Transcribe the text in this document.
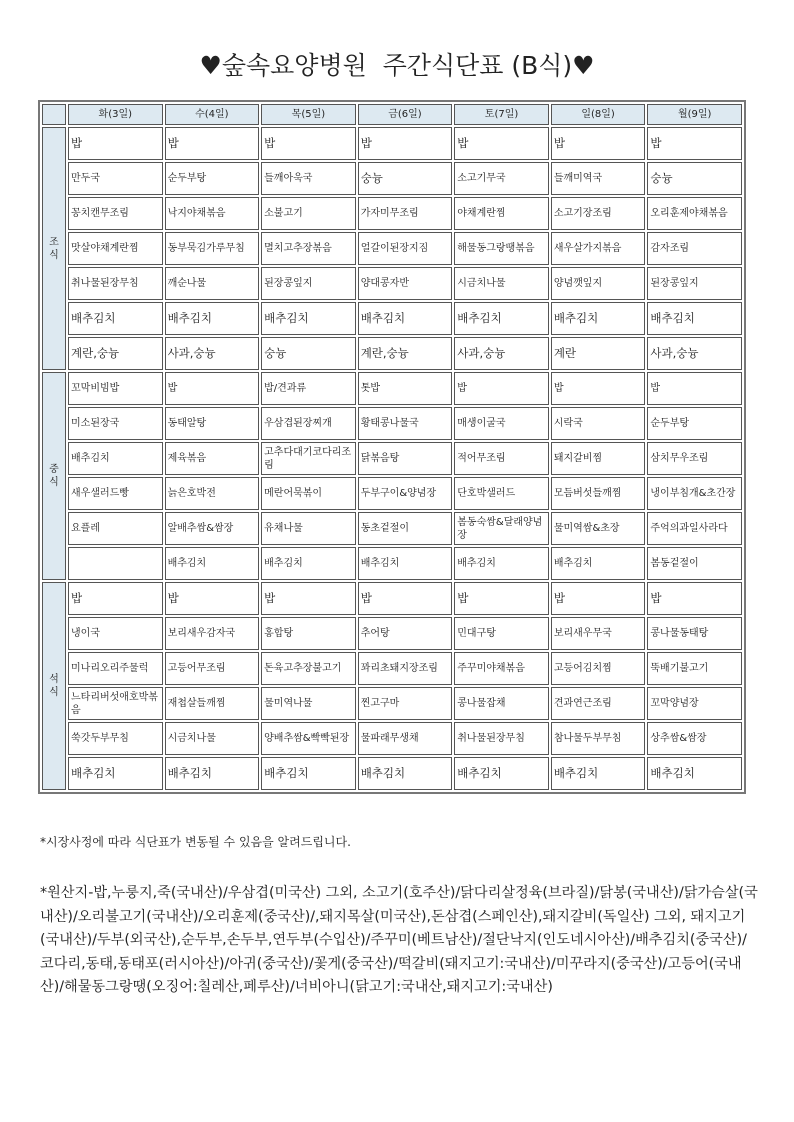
♥숲속요양병원  주간식단표 (B식)♥
	화(3일)	수(4일)	목(5일)	금(6일)	토(7일)	일(8일)	월(9일)
조
식	밥	밥	밥	밥	밥	밥	밥
	만두국	순두부탕	들깨아욱국	숭늉	소고기무국	들깨미역국	숭늉
	꽁치캔무조림	낙지야채볶음	소불고기	가자미무조림	야채계란찜	소고기장조림	오리훈제야채볶음
	맛살야채계란찜	동부묵김가루무침	멸치고추장볶음	얼갈이된장지짐	해물동그랑땡볶음	새우살가지볶음	감자조림
	취나물된장무침	깨순나물	된장콩잎지	양대콩자반	시금치나물	양념깻잎지	된장콩잎지
	배추김치	배추김치	배추김치	배추김치	배추김치	배추김치	배추김치
	계란,숭늉	사과,숭늉	숭늉	계란,숭늉	사과,숭늉	계란	사과,숭늉
중
식	꼬막비빔밥	밥	밥/견과류	톳밥	밥	밥	밥
	미소된장국	동태알탕	우삼겹된장찌개	황태콩나물국	매생이굴국	시락국	순두부탕
	배추김치	제육볶음	고추다대기코다리조림	닭볶음탕	적어무조림	돼지갈비찜	삼치무우조림
	새우샐러드빵	늙은호박전	메란어묵볶이	두부구이&양념장	단호박샐러드	모듬버섯들깨찜	냉이부침개&초간장
	요플레	알배추쌈&쌈장	유채나물	동초겉절이	봄동숙쌈&달래양념장	물미역쌈&초장	주억의과일사라다
		배추김치	배추김치	배추김치	배추김치	배추김치	봄동겉절이
석
식	밥	밥	밥	밥	밥	밥	밥
	냉이국	보리새우감자국	홍합탕	추어탕	민대구탕	보리새우무국	콩나물동태탕
	미나리오리주물럭	고등어무조림	돈육고추장불고기	꽈리초돼지장조림	주꾸미야채볶음	고등어김치찜	뚝배기불고기
	느타리버섯애호박볶음	재첩살들깨찜	물미역나물	찐고구마	콩나물잡채	견과연근조림	꼬막양념장
	쑥갓두부무침	시금치나물	양배추쌈&빡빡된장	물파래무생채	취나물된장무침	참나물두부무침	상추쌈&쌈장
	배추김치	배추김치	배추김치	배추김치	배추김치	배추김치	배추김치
*시장사정에 따라 식단표가 변동될 수 있음을 알려드립니다.
*원산지-밥,누룽지,죽(국내산)/우삼겹(미국산) 그외, 소고기(호주산)/닭다리살정육(브라질)/닭봉(국내산)/닭가슴살(국내산)/오리불고기(국내산)/오리훈제(중국산)/,돼지목살(미국산),돈삼겹(스페인산),돼지갈비(독일산) 그외, 돼지고기(국내산)/두부(외국산),순두부,손두부,연두부(수입산)/주꾸미(베트남산)/절단낙지(인도네시아산)/배추김치(중국산)/코다리,동태,동태포(러시아산)/아귀(중국산)/꽃게(중국산)/떡갈비(돼지고기:국내산)/미꾸라지(중국산)/고등어(국내산)/해물동그랑땡(오징어:칠레산,페루산)/너비아니(닭고기:국내산,돼지고기:국내산)
